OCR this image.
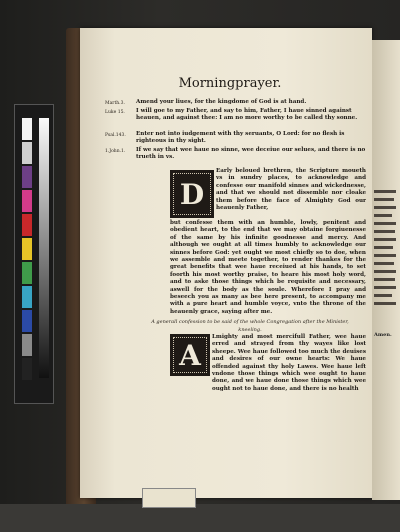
Amen.
Morningprayer.
Marth.3. Amend your liues, for the kingdome of God is at hand.
Luke 15. I will goe to my Father, and say to him, Father, I haue sinned against heauen, and against thee: I am no more worthy to be called thy sonne.
Psal.143. Enter not into iudgement with thy seruants, O Lord: for no flesh is righteous in thy sight.
1.John.1. If we say that wee haue no sinne, wee deceiue our selues, and there is no trueth in vs.
D
Early beloued brethren, the Scripture moueth vs in sundry places, to acknowledge and confesse our manifold sinnes and wickednesse, and that we should not dissemble nor cloake them before the face of Almighty God our heauenly Father,
but confesse them with an humble, lowly, penitent and obedient heart, to the end that we may obtaine forgiuenesse of the same by his infinite goodnesse and mercy. And although we ought at all times humbly to acknowledge our sinnes before God: yet ought we most chiefly so to doe, when we assemble and meete together, to render thankes for the great benefits that wee haue receiued at his hands, to set foorth his most worthy praise, to heare his most holy word, and to aske those things which be requisite and necessary, aswell for the body as the soule. Wherefore I pray and beseech you as many as bee here present, to accompany me with a pure heart and humble voyce, vnto the throne of the heauenly grace, saying after me.
A generall confession to be said of the whole Congregation after the Minister, kneeling.
A
Lmighty and most mercifull Father, wee haue erred and strayed from thy wayes like lost sheepe. Wee haue followed too much the deuises and desires of our owne hearts: We haue offended against thy holy Lawes. Wee haue left vndone those things which wee ought to haue done, and we haue done those things which wee ought not to haue done, and there is no health
